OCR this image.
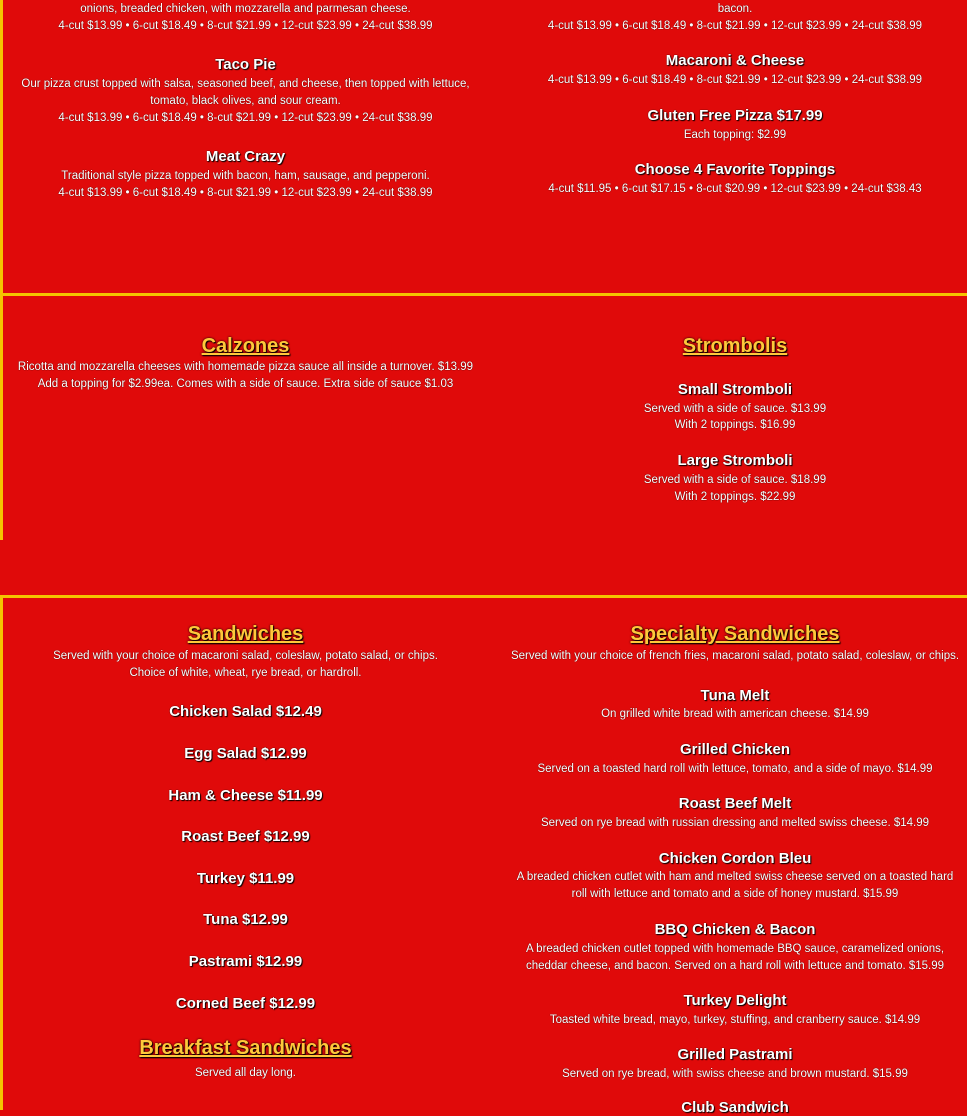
onions, breaded chicken, with mozzarella and parmesan cheese.
4-cut $13.99 • 6-cut $18.49 • 8-cut $21.99 • 12-cut $23.99 • 24-cut $38.99
Taco Pie
Our pizza crust topped with salsa, seasoned beef, and cheese, then topped with lettuce,
tomato, black olives, and sour cream.
4-cut $13.99 • 6-cut $18.49 • 8-cut $21.99 • 12-cut $23.99 • 24-cut $38.99
Meat Crazy
Traditional style pizza topped with bacon, ham, sausage, and pepperoni.
4-cut $13.99 • 6-cut $18.49 • 8-cut $21.99 • 12-cut $23.99 • 24-cut $38.99
bacon.
4-cut $13.99 • 6-cut $18.49 • 8-cut $21.99 • 12-cut $23.99 • 24-cut $38.99
Macaroni & Cheese
4-cut $13.99 • 6-cut $18.49 • 8-cut $21.99 • 12-cut $23.99 • 24-cut $38.99
Gluten Free Pizza $17.99
Each topping: $2.99
Choose 4 Favorite Toppings
4-cut $11.95 • 6-cut $17.15 • 8-cut $20.99 • 12-cut $23.99 • 24-cut $38.43
Calzones
Ricotta and mozzarella cheeses with homemade pizza sauce all inside a turnover. $13.99
Add a topping for $2.99ea. Comes with a side of sauce. Extra side of sauce $1.03
Strombolis
Small Stromboli
Served with a side of sauce. $13.99
With 2 toppings. $16.99
Large Stromboli
Served with a side of sauce. $18.99
With 2 toppings. $22.99
Sandwiches
Served with your choice of macaroni salad, coleslaw, potato salad, or chips.
Choice of white, wheat, rye bread, or hardroll.
Chicken Salad $12.49
Egg Salad $12.99
Ham & Cheese $11.99
Roast Beef $12.99
Turkey $11.99
Tuna $12.99
Pastrami $12.99
Corned Beef $12.99
Breakfast Sandwiches
Served all day long.
Specialty Sandwiches
Served with your choice of french fries, macaroni salad, potato salad, coleslaw, or chips.
Tuna Melt
On grilled white bread with american cheese. $14.99
Grilled Chicken
Served on a toasted hard roll with lettuce, tomato, and a side of mayo. $14.99
Roast Beef Melt
Served on rye bread with russian dressing and melted swiss cheese. $14.99
Chicken Cordon Bleu
A breaded chicken cutlet with ham and melted swiss cheese served on a toasted hard
roll with lettuce and tomato and a side of honey mustard. $15.99
BBQ Chicken & Bacon
A breaded chicken cutlet topped with homemade BBQ sauce, caramelized onions,
cheddar cheese, and bacon. Served on a hard roll with lettuce and tomato. $15.99
Turkey Delight
Toasted white bread, mayo, turkey, stuffing, and cranberry sauce. $14.99
Grilled Pastrami
Served on rye bread, with swiss cheese and brown mustard. $15.99
Club Sandwich
